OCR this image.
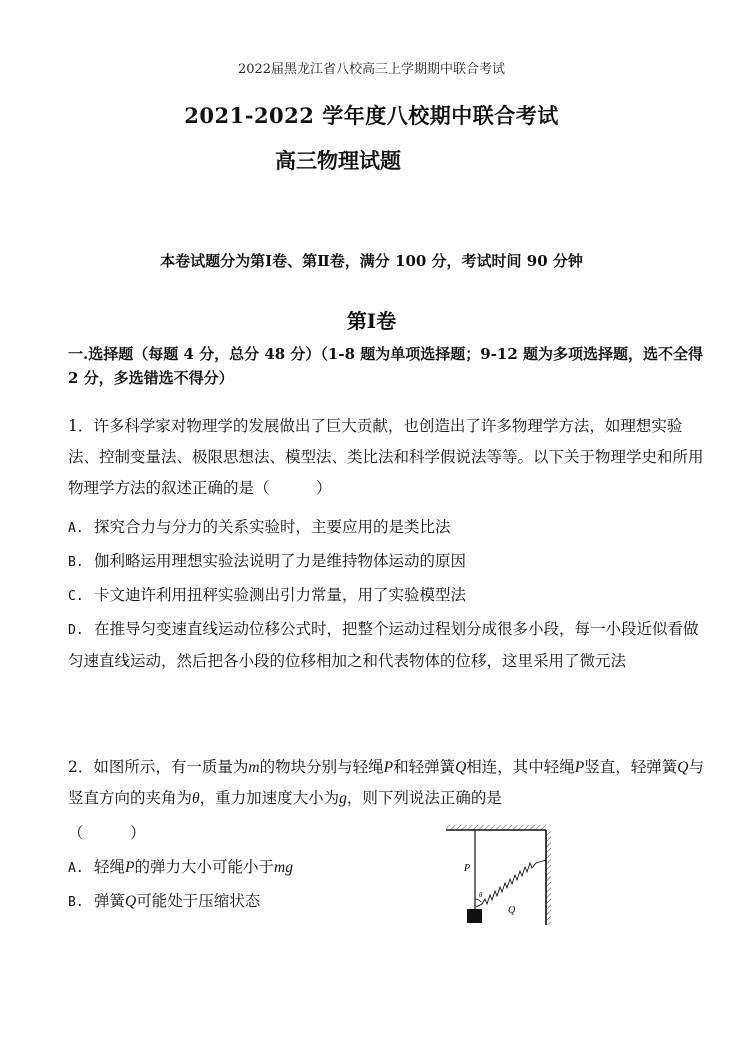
2022届黑龙江省八校高三上学期期中联合考试
2021-2022 学年度八校期中联合考试
高三物理试题
本卷试题分为第Ⅰ卷、第Ⅱ卷，满分 100 分，考试时间 90 分钟
第Ⅰ卷
一.选择题（每题 4 分，总分 48 分）（1-8 题为单项选择题；9-12 题为多项选择题，选不全得 2 分，多选错选不得分）
1．许多科学家对物理学的发展做出了巨大贡献，也创造出了许多物理学方法，如理想实验法、控制变量法、极限思想法、模型法、类比法和科学假说法等等。以下关于物理学史和所用物理学方法的叙述正确的是（　　　）
A. 探究合力与分力的关系实验时，主要应用的是类比法
B. 伽利略运用理想实验法说明了力是维持物体运动的原因
C. 卡文迪许利用扭秤实验测出引力常量，用了实验模型法
D. 在推导匀变速直线运动位移公式时，把整个运动过程划分成很多小段，每一小段近似看做匀速直线运动，然后把各小段的位移相加之和代表物体的位移，这里采用了微元法
2．如图所示，有一质量为m的物块分别与轻绳P和轻弹簧Q相连，其中轻绳P竖直，轻弹簧Q与竖直方向的夹角为θ，重力加速度大小为g，则下列说法正确的是
（　　　）
A. 轻绳P的弹力大小可能小于mg
B. 弹簧Q可能处于压缩状态
P
θ
Q
